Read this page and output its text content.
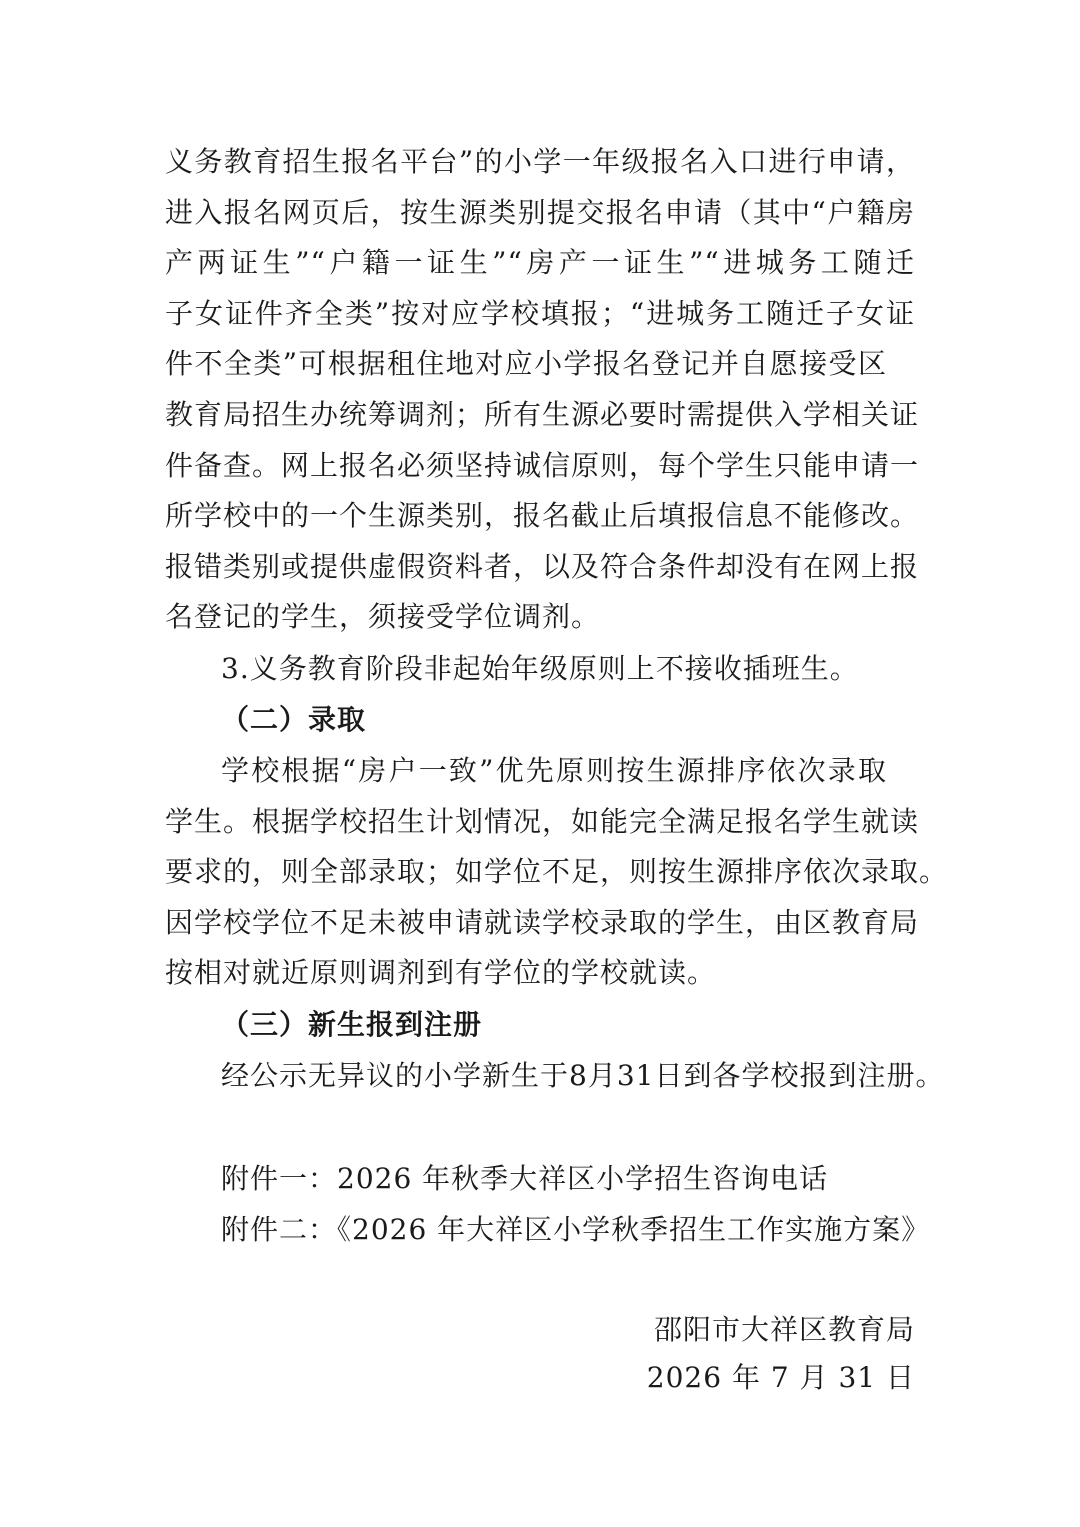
义务教育招生报名平台”的小学一年级报名入口进行申请，
进入报名网页后，按生源类别提交报名申请（其中“户籍房
产两证生”“户籍一证生”“房产一证生”“进城务工随迁
子女证件齐全类”按对应学校填报；“进城务工随迁子女证
件不全类”可根据租住地对应小学报名登记并自愿接受区
教育局招生办统筹调剂；所有生源必要时需提供入学相关证
件备查。网上报名必须坚持诚信原则，每个学生只能申请一
所学校中的一个生源类别，报名截止后填报信息不能修改。
报错类别或提供虚假资料者，以及符合条件却没有在网上报
名登记的学生，须接受学位调剂。
3.义务教育阶段非起始年级原则上不接收插班生。
（二）录取
学校根据“房户一致”优先原则按生源排序依次录取
学生。根据学校招生计划情况，如能完全满足报名学生就读
要求的，则全部录取；如学位不足，则按生源排序依次录取。
因学校学位不足未被申请就读学校录取的学生，由区教育局
按相对就近原则调剂到有学位的学校就读。
（三）新生报到注册
经公示无异议的小学新生于8月31日到各学校报到注册。
附件一：2026 年秋季大祥区小学招生咨询电话
附件二：《2026 年大祥区小学秋季招生工作实施方案》
邵阳市大祥区教育局
2026 年 7 月 31 日
